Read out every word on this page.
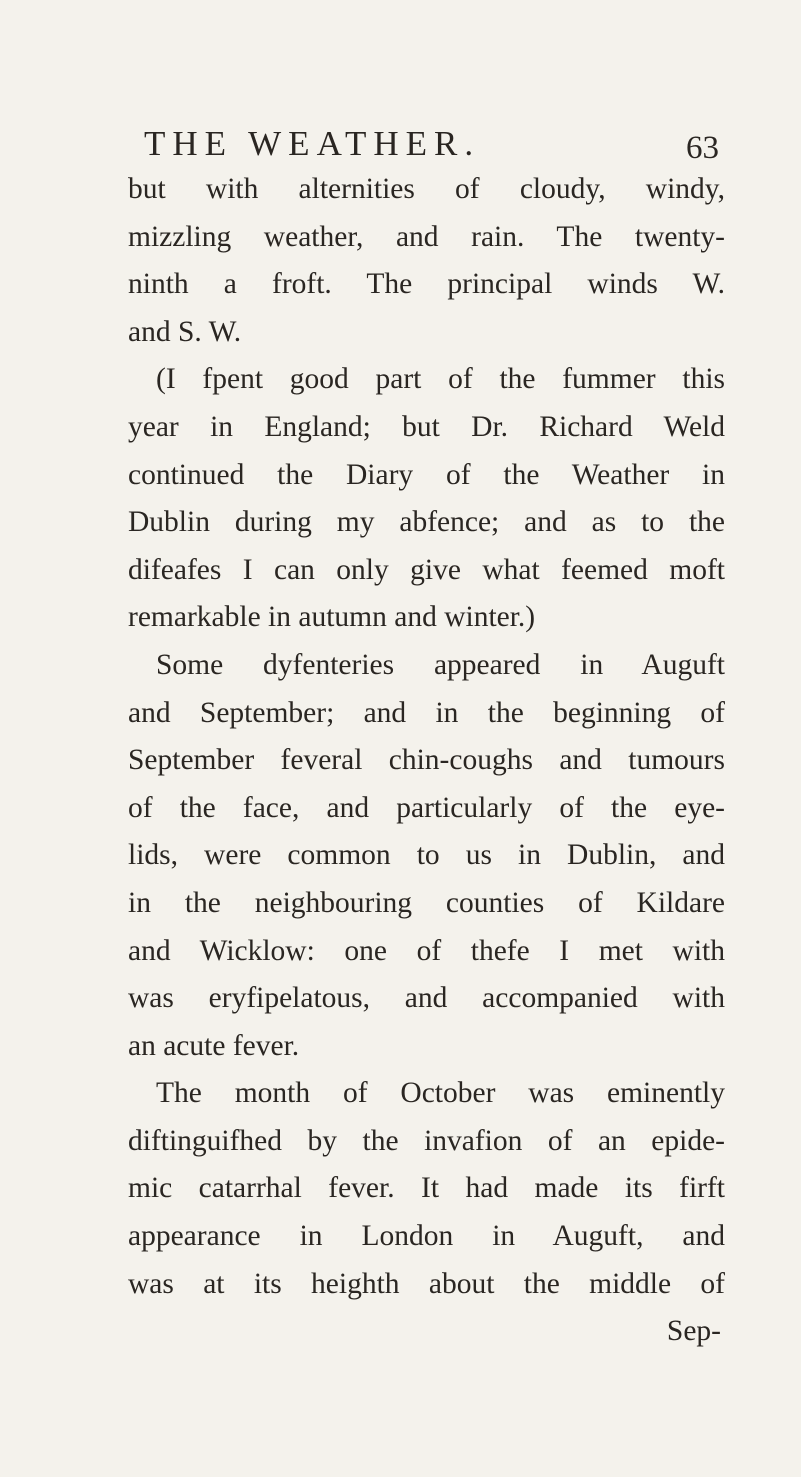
THE WEATHER.	63
but with alternities of cloudy, windy,
mizzling weather, and rain. The twenty-
ninth a froft. The principal winds W.
and S. W.
(I fpent good part of the fummer this
year in England; but Dr. Richard Weld
continued the Diary of the Weather in
Dublin during my abfence; and as to the
difeafes I can only give what feemed moft
remarkable in autumn and winter.)
Some dyfenteries appeared in Auguft
and September; and in the beginning of
September feveral chin-coughs and tumours
of the face, and particularly of the eye-
lids, were common to us in Dublin, and
in the neighbouring counties of Kildare
and Wicklow: one of thefe I met with
was eryfipelatous, and accompanied with
an acute fever.
The month of October was eminently
diftinguifhed by the invafion of an epide-
mic catarrhal fever. It had made its firft
appearance in London in Auguft, and
was at its heighth about the middle of
Sep-
